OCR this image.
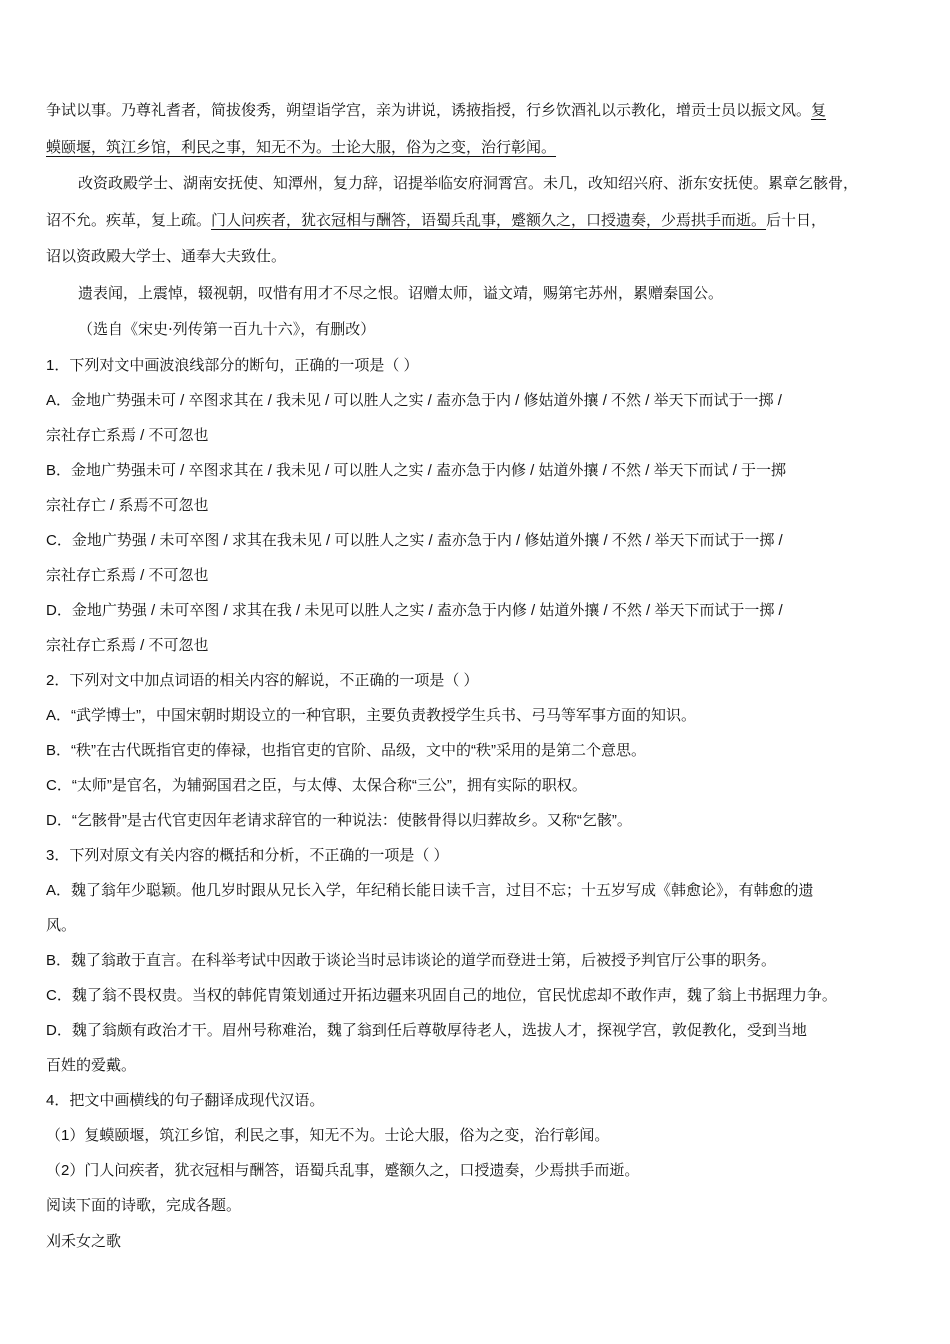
争试以事。乃尊礼耆者，简拔俊秀，朔望诣学宫，亲为讲说，诱掖指授，行乡饮酒礼以示教化，增贡士员以振文风。复

蟆颐堰，筑江乡馆，利民之事，知无不为。士论大服，俗为之变，治行彰闻。

改资政殿学士、湖南安抚使、知潭州，复力辞，诏提举临安府洞霄宫。未几，改知绍兴府、浙东安抚使。累章乞骸骨，

诏不允。疾革，复上疏。门人问疾者，犹衣冠相与酬答，语蜀兵乱事，蹙额久之，口授遗奏，少焉拱手而逝。后十日，

诏以资政殿大学士、通奉大夫致仕。

遗表闻，上震悼，辍视朝，叹惜有用才不尽之恨。诏赠太师，谥文靖，赐第宅苏州，累赠秦国公。

（选自《宋史·列传第一百九十六》，有删改）

1．下列对文中画波浪线部分的断句，正确的一项是（ ）

A．金地广势强未可 / 卒图求其在 / 我未见 / 可以胜人之实 / 盍亦急于内 / 修姑道外攘 / 不然 / 举天下而试于一掷 /

宗社存亡系焉 / 不可忽也

B．金地广势强未可 / 卒图求其在 / 我未见 / 可以胜人之实 / 盍亦急于内修 / 姑道外攘 / 不然 / 举天下而试 / 于一掷

宗社存亡 / 系焉不可忽也

C．金地广势强 / 未可卒图 / 求其在我未见 / 可以胜人之实 / 盍亦急于内 / 修姑道外攘 / 不然 / 举天下而试于一掷 /

宗社存亡系焉 / 不可忽也

D．金地广势强 / 未可卒图 / 求其在我 / 未见可以胜人之实 / 盍亦急于内修 / 姑道外攘 / 不然 / 举天下而试于一掷 /

宗社存亡系焉 / 不可忽也

2．下列对文中加点词语的相关内容的解说，不正确的一项是（ ）

A．“武学博士”，中国宋朝时期设立的一种官职，主要负责教授学生兵书、弓马等军事方面的知识。

B．“秩”在古代既指官吏的俸禄，也指官吏的官阶、品级，文中的“秩”采用的是第二个意思。

C．“太师”是官名，为辅弼国君之臣，与太傅、太保合称“三公”，拥有实际的职权。

D．“乞骸骨”是古代官吏因年老请求辞官的一种说法：使骸骨得以归葬故乡。又称“乞骸”。

3．下列对原文有关内容的概括和分析，不正确的一项是（ ）

A．魏了翁年少聪颖。他几岁时跟从兄长入学，年纪稍长能日读千言，过目不忘；十五岁写成《韩愈论》，有韩愈的遗

风。

B．魏了翁敢于直言。在科举考试中因敢于谈论当时忌讳谈论的道学而登进士第，后被授予判官厅公事的职务。

C．魏了翁不畏权贵。当权的韩侂胄策划通过开拓边疆来巩固自己的地位，官民忧虑却不敢作声，魏了翁上书据理力争。

D．魏了翁颇有政治才干。眉州号称难治，魏了翁到任后尊敬厚待老人，选拔人才，探视学宫，敦促教化，受到当地

百姓的爱戴。

4．把文中画横线的句子翻译成现代汉语。

（1）复蟆颐堰，筑江乡馆，利民之事，知无不为。士论大服，俗为之变，治行彰闻。

（2）门人问疾者，犹衣冠相与酬答，语蜀兵乱事，蹙额久之，口授遗奏，少焉拱手而逝。

阅读下面的诗歌，完成各题。

刈禾女之歌
